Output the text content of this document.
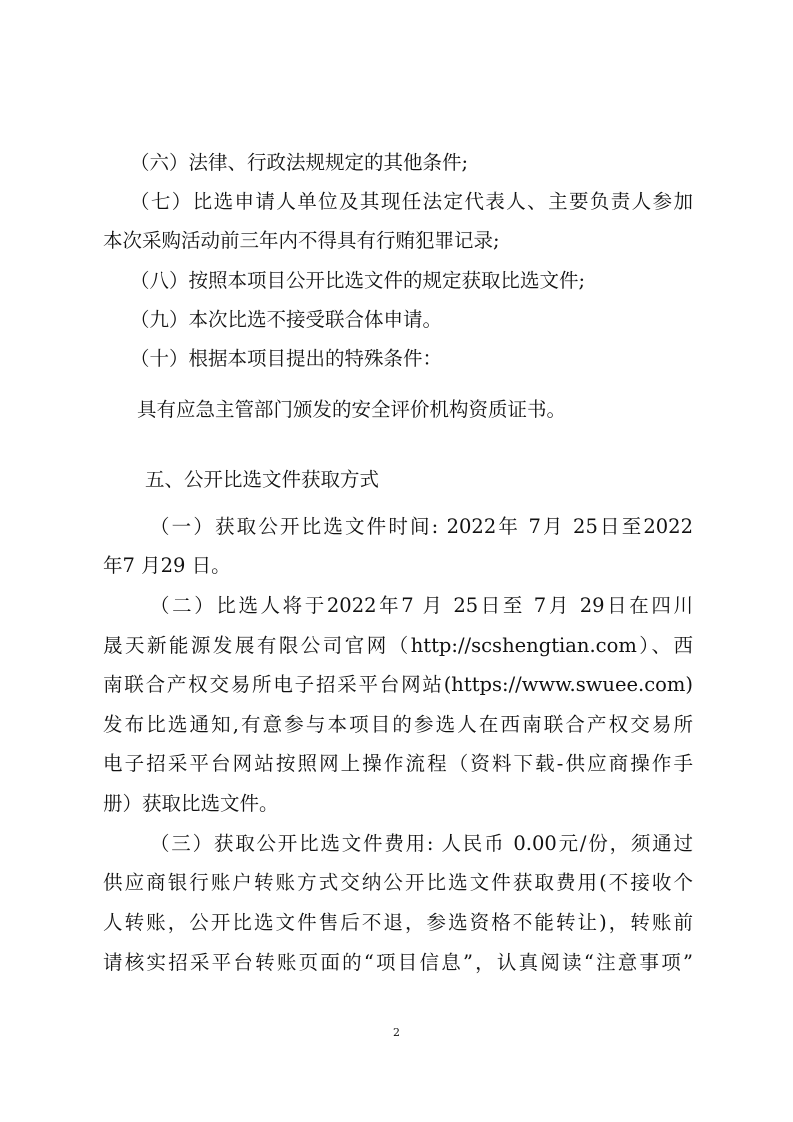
（六）法律、行政法规规定的其他条件;
（七）比选申请人单位及其现任法定代表人、主要负责人参加
本次采购活动前三年内不得具有行贿犯罪记录;
（八）按照本项目公开比选文件的规定获取比选文件;
（九）本次比选不接受联合体申请。
（十）根据本项目提出的特殊条件：
具有应急主管部门颁发的安全评价机构资质证书。
五、公开比选文件获取方式
（一）获取公开比选文件时间: 2022年 7月 25日至2022
年7 月29 日。
（二）比选人将于2022年7 月 25日至 7月 29日在四川
晟天新能源发展有限公司官网（http://scshengtian.com）、西
南联合产权交易所电子招采平台网站(https://www.swuee.com)
发布比选通知,有意参与本项目的参选人在西南联合产权交易所
电子招采平台网站按照网上操作流程（资料下载-供应商操作手
册）获取比选文件。
（三）获取公开比选文件费用: 人民币 0.00元/份，须通过
供应商银行账户转账方式交纳公开比选文件获取费用(不接收个
人转账，公开比选文件售后不退，参选资格不能转让)，转账前
请核实招采平台转账页面的“项目信息”，认真阅读“注意事项”
2
